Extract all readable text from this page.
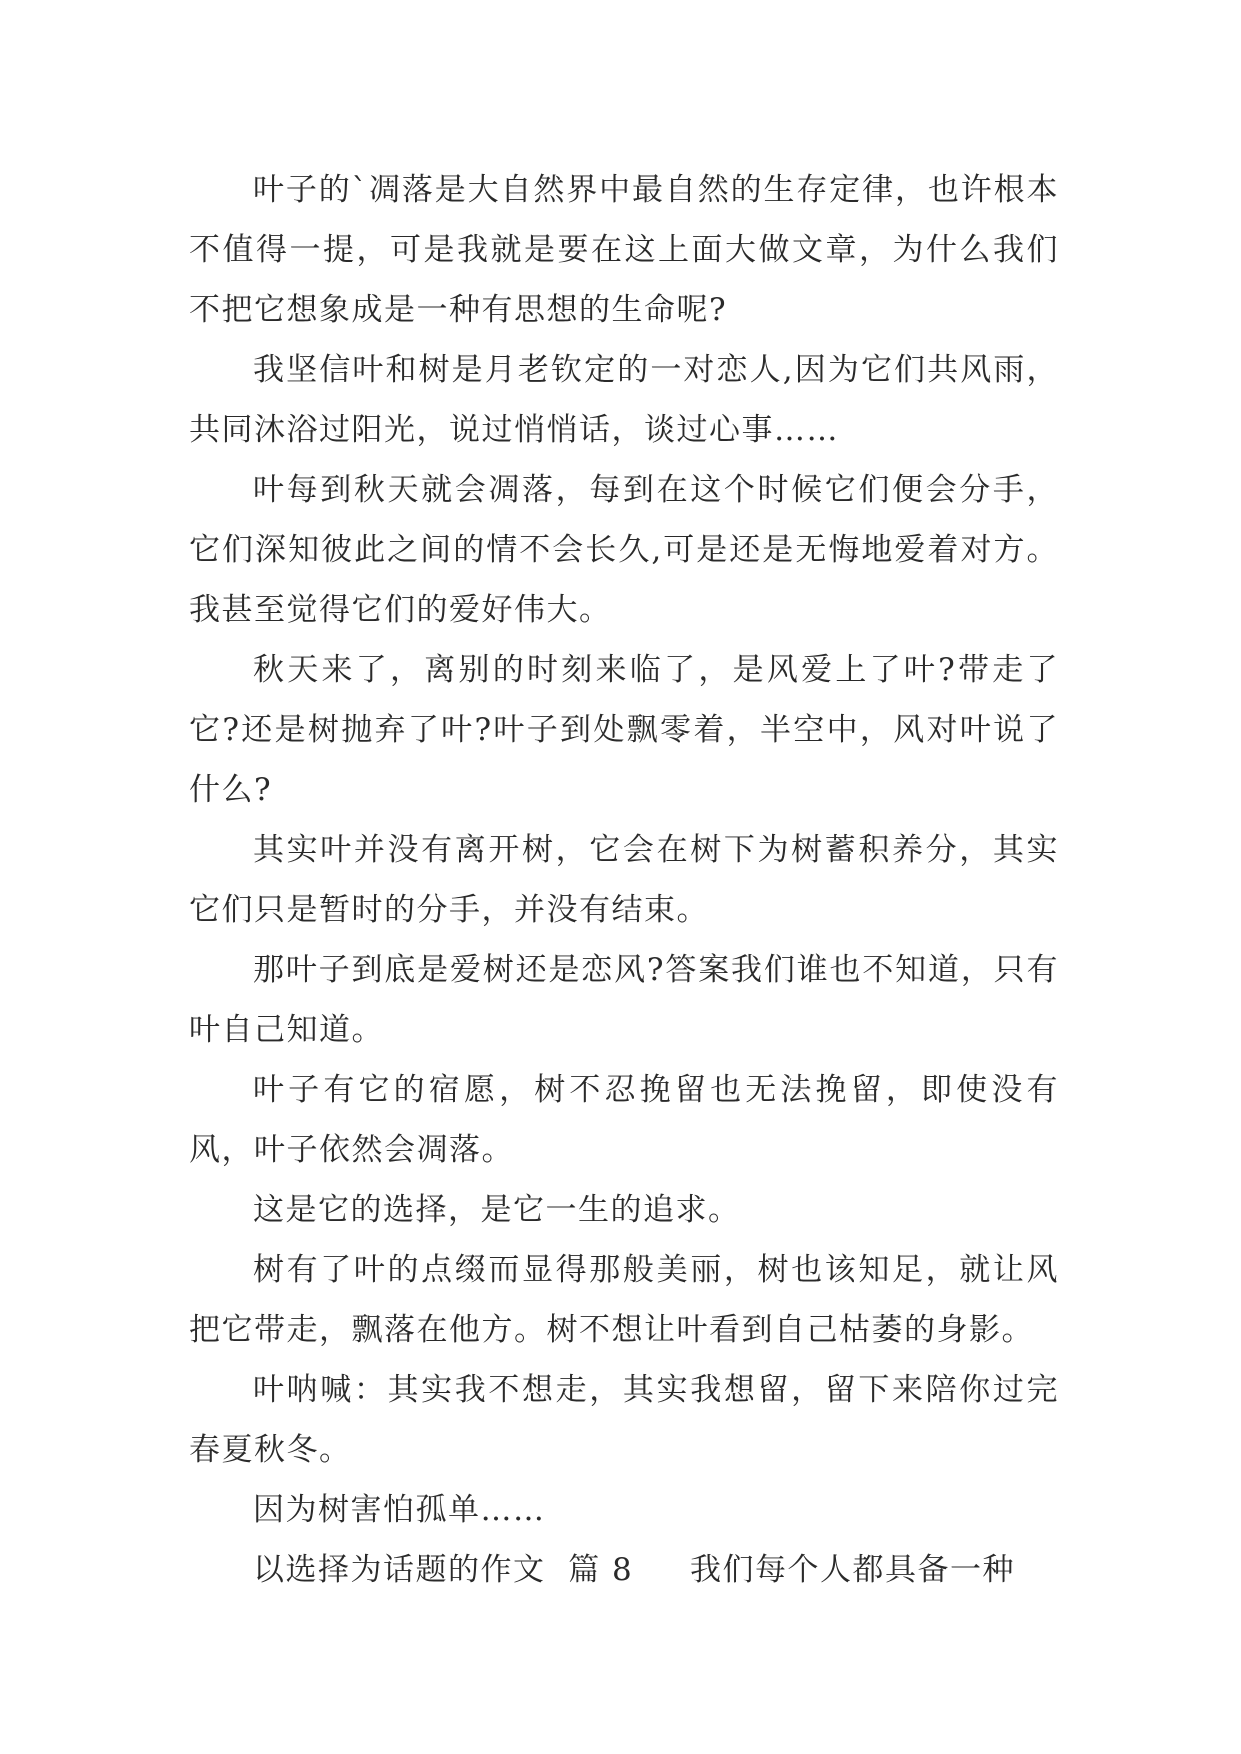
叶子的`凋落是大自然界中最自然的生存定律，也许根本不值得一提，可是我就是要在这上面大做文章，为什么我们不把它想象成是一种有思想的生命呢?

我坚信叶和树是月老钦定的一对恋人,因为它们共风雨，共同沐浴过阳光，说过悄悄话，谈过心事……

叶每到秋天就会凋落，每到在这个时候它们便会分手，它们深知彼此之间的情不会长久,可是还是无悔地爱着对方。我甚至觉得它们的爱好伟大。

秋天来了，离别的时刻来临了，是风爱上了叶?带走了它?还是树抛弃了叶?叶子到处飘零着，半空中，风对叶说了什么?

其实叶并没有离开树，它会在树下为树蓄积养分，其实它们只是暂时的分手，并没有结束。

那叶子到底是爱树还是恋风?答案我们谁也不知道，只有叶自己知道。

叶子有它的宿愿，树不忍挽留也无法挽留，即使没有风，叶子依然会凋落。

这是它的选择，是它一生的追求。

树有了叶的点缀而显得那般美丽，树也该知足，就让风把它带走，飘落在他方。树不想让叶看到自己枯萎的身影。

叶呐喊：其实我不想走，其实我想留，留下来陪你过完春夏秋冬。

因为树害怕孤单……

以选择为话题的作文  篇 8     我们每个人都具备一种
